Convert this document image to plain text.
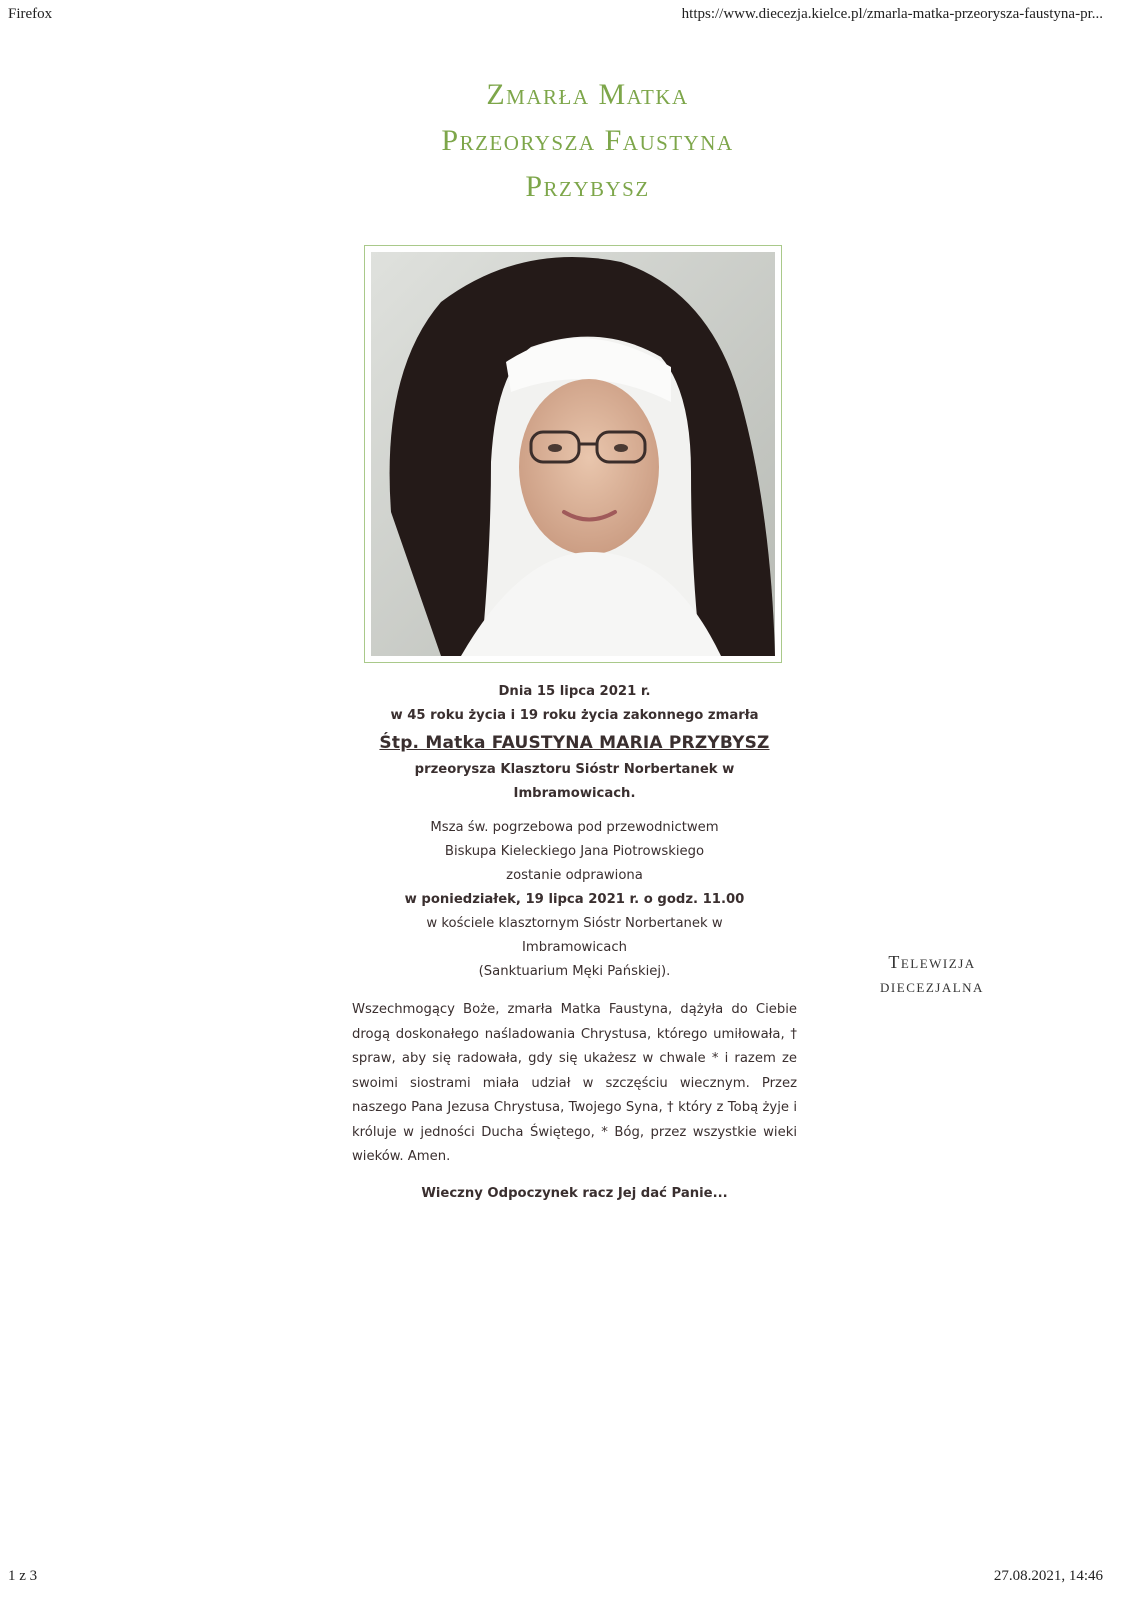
Firefox	https://www.diecezja.kielce.pl/zmarla-matka-przeorysza-faustyna-pr...
Zmarła Matka
Przeorysza Faustyna
Przybysz
Dnia 15 lipca 2021 r.
w 45 roku życia i 19 roku życia zakonnego zmarła
Śtp. Matka FAUSTYNA MARIA PRZYBYSZ
przeorysza Klasztoru Sióstr Norbertanek w
Imbramowicach.
Msza św. pogrzebowa pod przewodnictwem
Biskupa Kieleckiego Jana Piotrowskiego
zostanie odprawiona
w poniedziałek, 19 lipca 2021 r. o godz. 11.00
w kościele klasztornym Sióstr Norbertanek w
Imbramowicach
(Sanktuarium Męki Pańskiej).

Wszechmogący Boże, zmarła Matka Faustyna, dążyła do Ciebie drogą doskonałego naśladowania Chrystusa, którego umiłowała, † spraw, aby się radowała, gdy się ukażesz w chwale * i razem ze swoimi siostrami miała udział w szczęściu wiecznym. Przez naszego Pana Jezusa Chrystusa, Twojego Syna, † który z Tobą żyje i króluje w jedności Ducha Świętego, * Bóg, przez wszystkie wieki wieków. Amen.

Wieczny Odpoczynek racz Jej dać Panie...
Telewizja
diecezjalna
1 z 3	27.08.2021, 14:46
